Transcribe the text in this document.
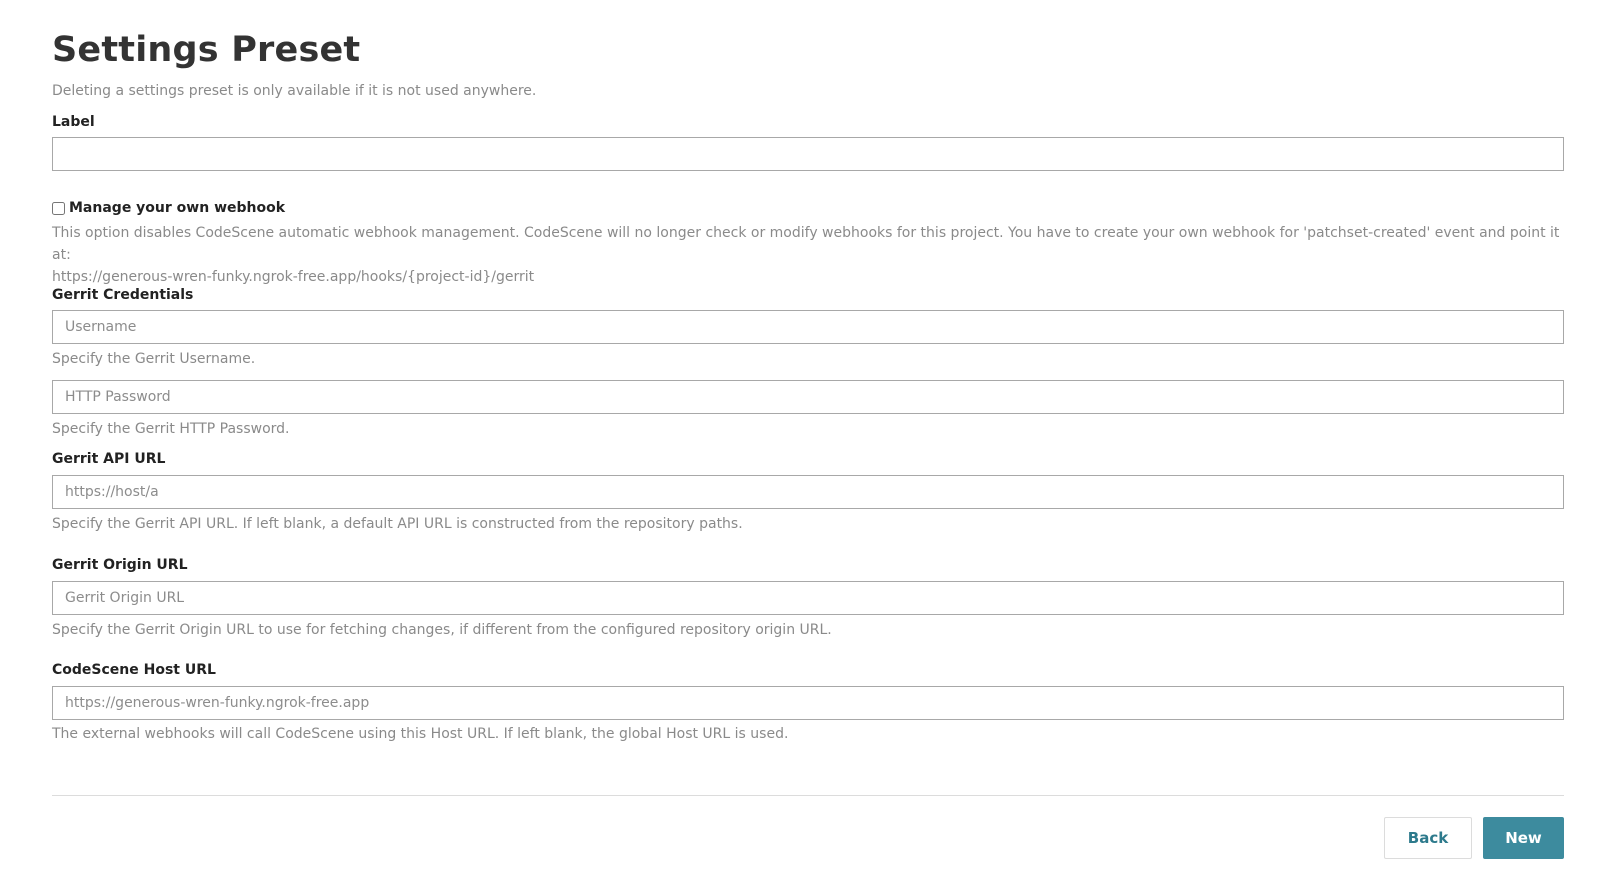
Settings Preset
Deleting a settings preset is only available if it is not used anywhere.
Label
Manage your own webhook
This option disables CodeScene automatic webhook management. CodeScene will no longer check or modify webhooks for this project. You have to create your own webhook for 'patchset-created' event and point it at:
https://generous-wren-funky.ngrok-free.app/hooks/{project-id}/gerrit
Gerrit Credentials
Username
Specify the Gerrit Username.
Specify the Gerrit HTTP Password.
Gerrit API URL
https://host/a
Specify the Gerrit API URL. If left blank, a default API URL is constructed from the repository paths.
Gerrit Origin URL
Gerrit Origin URL
Specify the Gerrit Origin URL to use for fetching changes, if different from the configured repository origin URL.
CodeScene Host URL
https://generous-wren-funky.ngrok-free.app
The external webhooks will call CodeScene using this Host URL. If left blank, the global Host URL is used.
Back	New
